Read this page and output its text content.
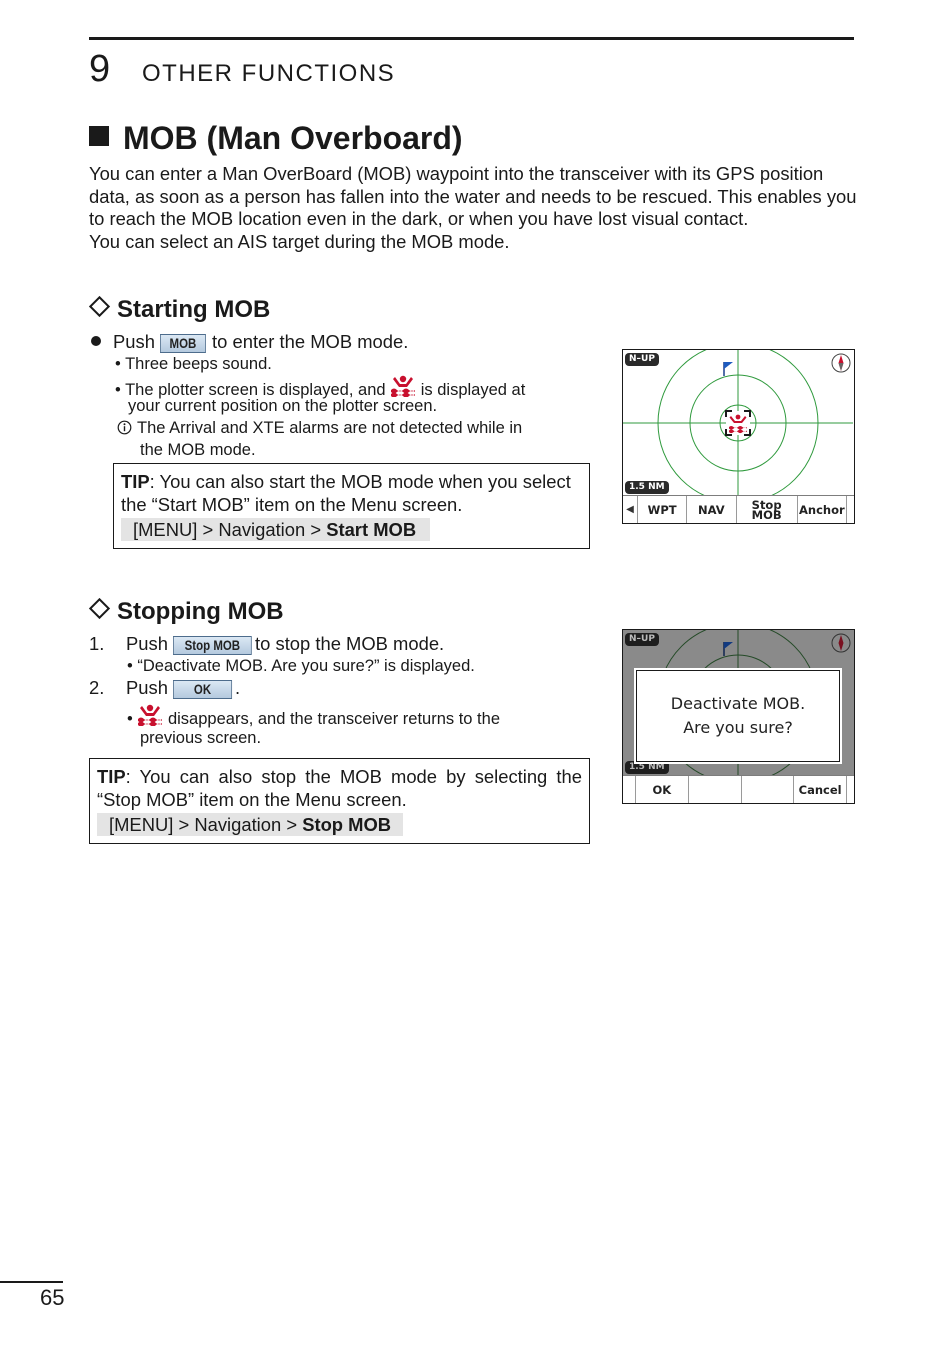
9 OTHER FUNCTIONS
MOB (Man Overboard)

You can enter a Man OverBoard (MOB) waypoint into the transceiver with its GPS position data, as soon as a person has fallen into the water and needs to be rescued. This enables you to reach the MOB location even in the dark, or when you have lost visual contact.

You can select an AIS target during the MOB mode.

Starting MOB
Push MOB to enter the MOB mode.
• Three beeps sound.
• The plotter screen is displayed, and is displayed at
your current position on the plotter screen.
The Arrival and XTE alarms are not detected while in
the MOB mode.
TIP: You can also start the MOB mode when you select the “Start MOB” item on the Menu screen.
[MENU] > Navigation > Start MOB
N–UP
1.5 NM
◀	WPT	NAV	Stop MOB	Anchor
Stopping MOB
1. Push Stop MOB to stop the MOB mode.
• “Deactivate MOB. Are you sure?” is displayed.
2. Push OK .
•  disappears, and the transceiver returns to the
previous screen.
TIP: You can also stop the MOB mode by selecting the “Stop MOB” item on the Menu screen.
[MENU] > Navigation > Stop MOB
N–UP
1.5 NM
Deactivate MOB.
Are you sure?
OK	Cancel
65
